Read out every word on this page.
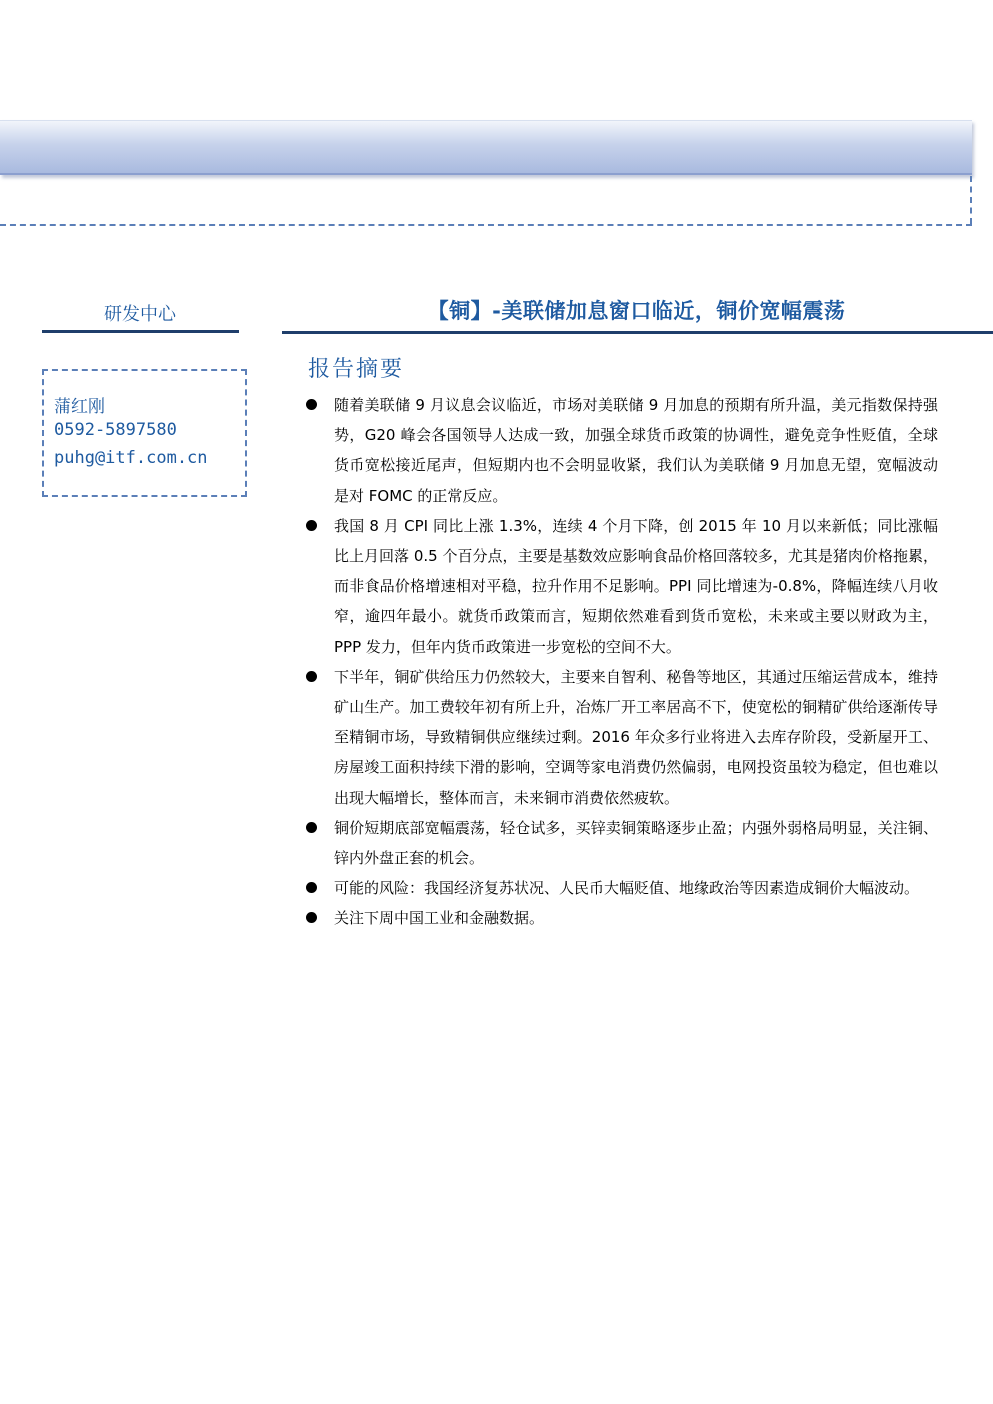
研发中心
蒲红刚
0592-5897580
puhg@itf.com.cn
【铜】-美联储加息窗口临近，铜价宽幅震荡
报告摘要
随着美联储 9 月议息会议临近，市场对美联储 9 月加息的预期有所升温，美元指数保持强势，G20 峰会各国领导人达成一致，加强全球货币政策的协调性，避免竞争性贬值，全球货币宽松接近尾声，但短期内也不会明显收紧，我们认为美联储 9 月加息无望，宽幅波动是对 FOMC 的正常反应。
我国 8 月 CPI 同比上涨 1.3%，连续 4 个月下降，创 2015 年 10 月以来新低；同比涨幅比上月回落 0.5 个百分点，主要是基数效应影响食品价格回落较多，尤其是猪肉价格拖累，而非食品价格增速相对平稳，拉升作用不足影响。PPI 同比增速为-0.8%，降幅连续八月收窄，逾四年最小。就货币政策而言，短期依然难看到货币宽松，未来或主要以财政为主，PPP 发力，但年内货币政策进一步宽松的空间不大。
下半年，铜矿供给压力仍然较大，主要来自智利、秘鲁等地区，其通过压缩运营成本，维持矿山生产。加工费较年初有所上升，冶炼厂开工率居高不下，使宽松的铜精矿供给逐渐传导至精铜市场，导致精铜供应继续过剩。2016 年众多行业将进入去库存阶段，受新屋开工、房屋竣工面积持续下滑的影响，空调等家电消费仍然偏弱，电网投资虽较为稳定，但也难以出现大幅增长，整体而言，未来铜市消费依然疲软。
铜价短期底部宽幅震荡，轻仓试多，买锌卖铜策略逐步止盈；内强外弱格局明显，关注铜、锌内外盘正套的机会。
可能的风险：我国经济复苏状况、人民币大幅贬值、地缘政治等因素造成铜价大幅波动。
关注下周中国工业和金融数据。
